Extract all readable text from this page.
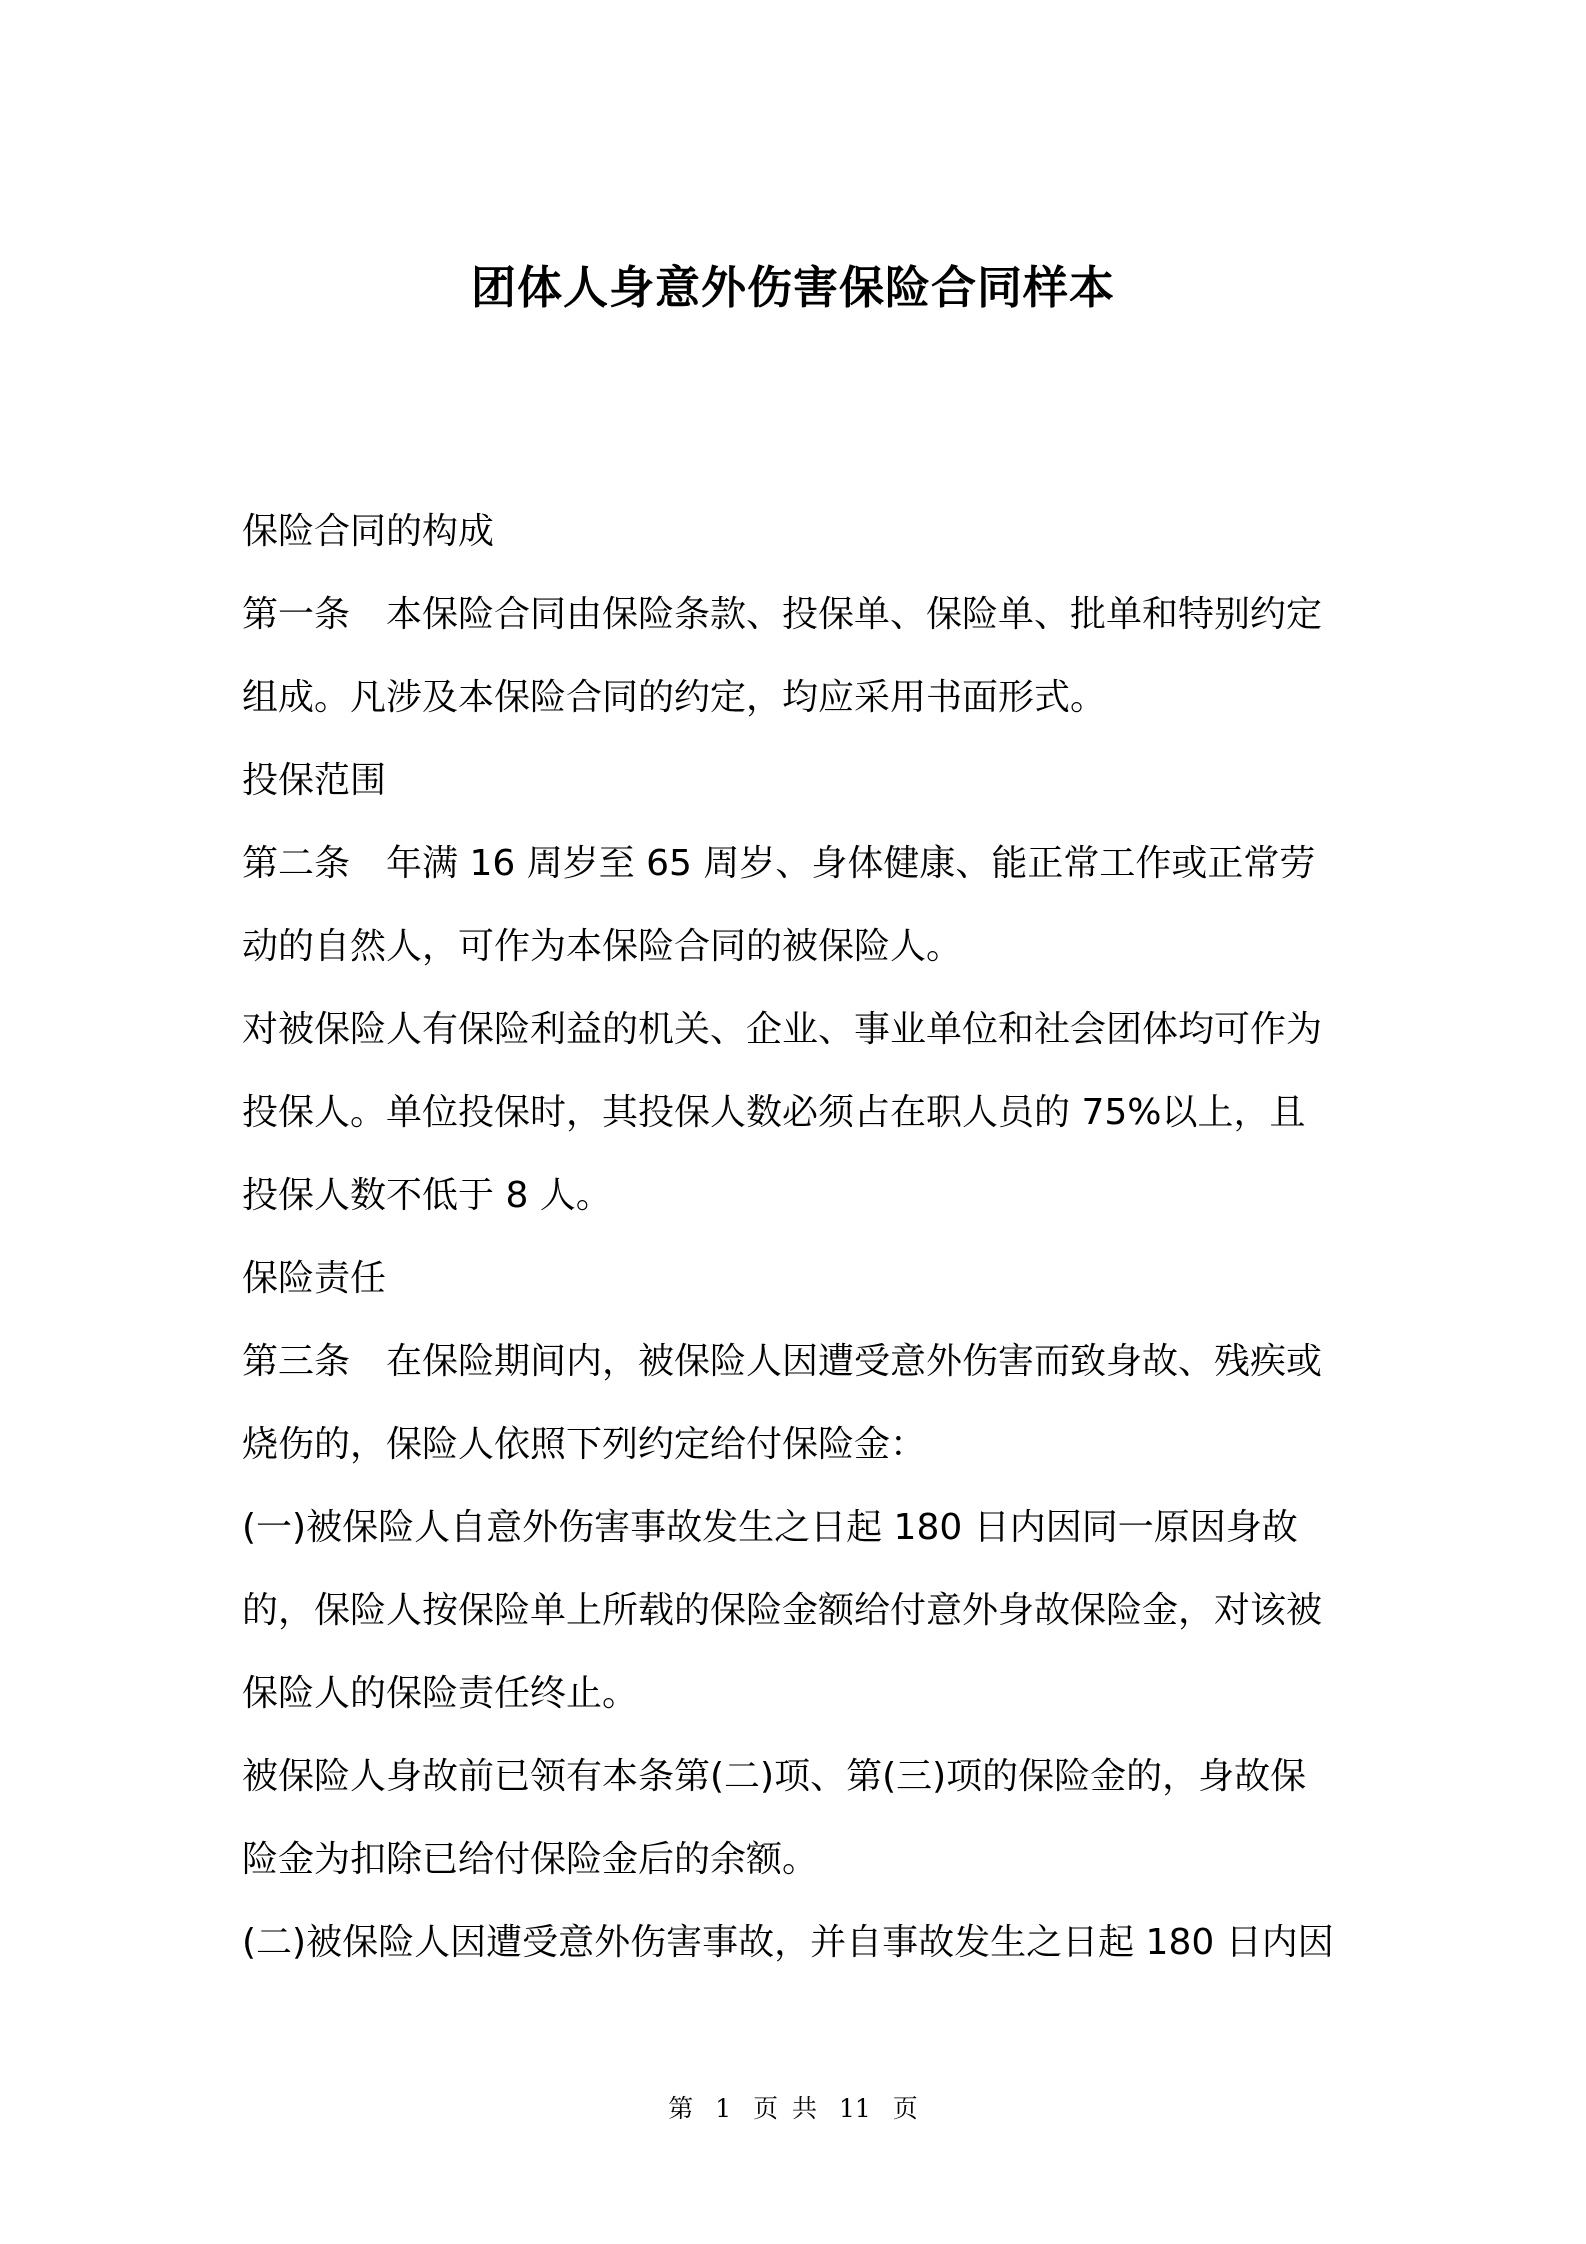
团体人身意外伤害保险合同样本

保险合同的构成

第一条 本保险合同由保险条款、投保单、保险单、批单和特别约定

组成。凡涉及本保险合同的约定，均应采用书面形式。

投保范围

第二条 年满 16 周岁至 65 周岁、身体健康、能正常工作或正常劳

动的自然人，可作为本保险合同的被保险人。

对被保险人有保险利益的机关、企业、事业单位和社会团体均可作为

投保人。单位投保时，其投保人数必须占在职人员的 75%以上，且

投保人数不低于 8 人。

保险责任

第三条 在保险期间内，被保险人因遭受意外伤害而致身故、残疾或

烧伤的，保险人依照下列约定给付保险金：

(一)被保险人自意外伤害事故发生之日起 180 日内因同一原因身故

的，保险人按保险单上所载的保险金额给付意外身故保险金，对该被

保险人的保险责任终止。

被保险人身故前已领有本条第(二)项、第(三)项的保险金的，身故保

险金为扣除已给付保险金后的余额。

(二)被保险人因遭受意外伤害事故，并自事故发生之日起 180 日内因

第 1 页 共 11 页
